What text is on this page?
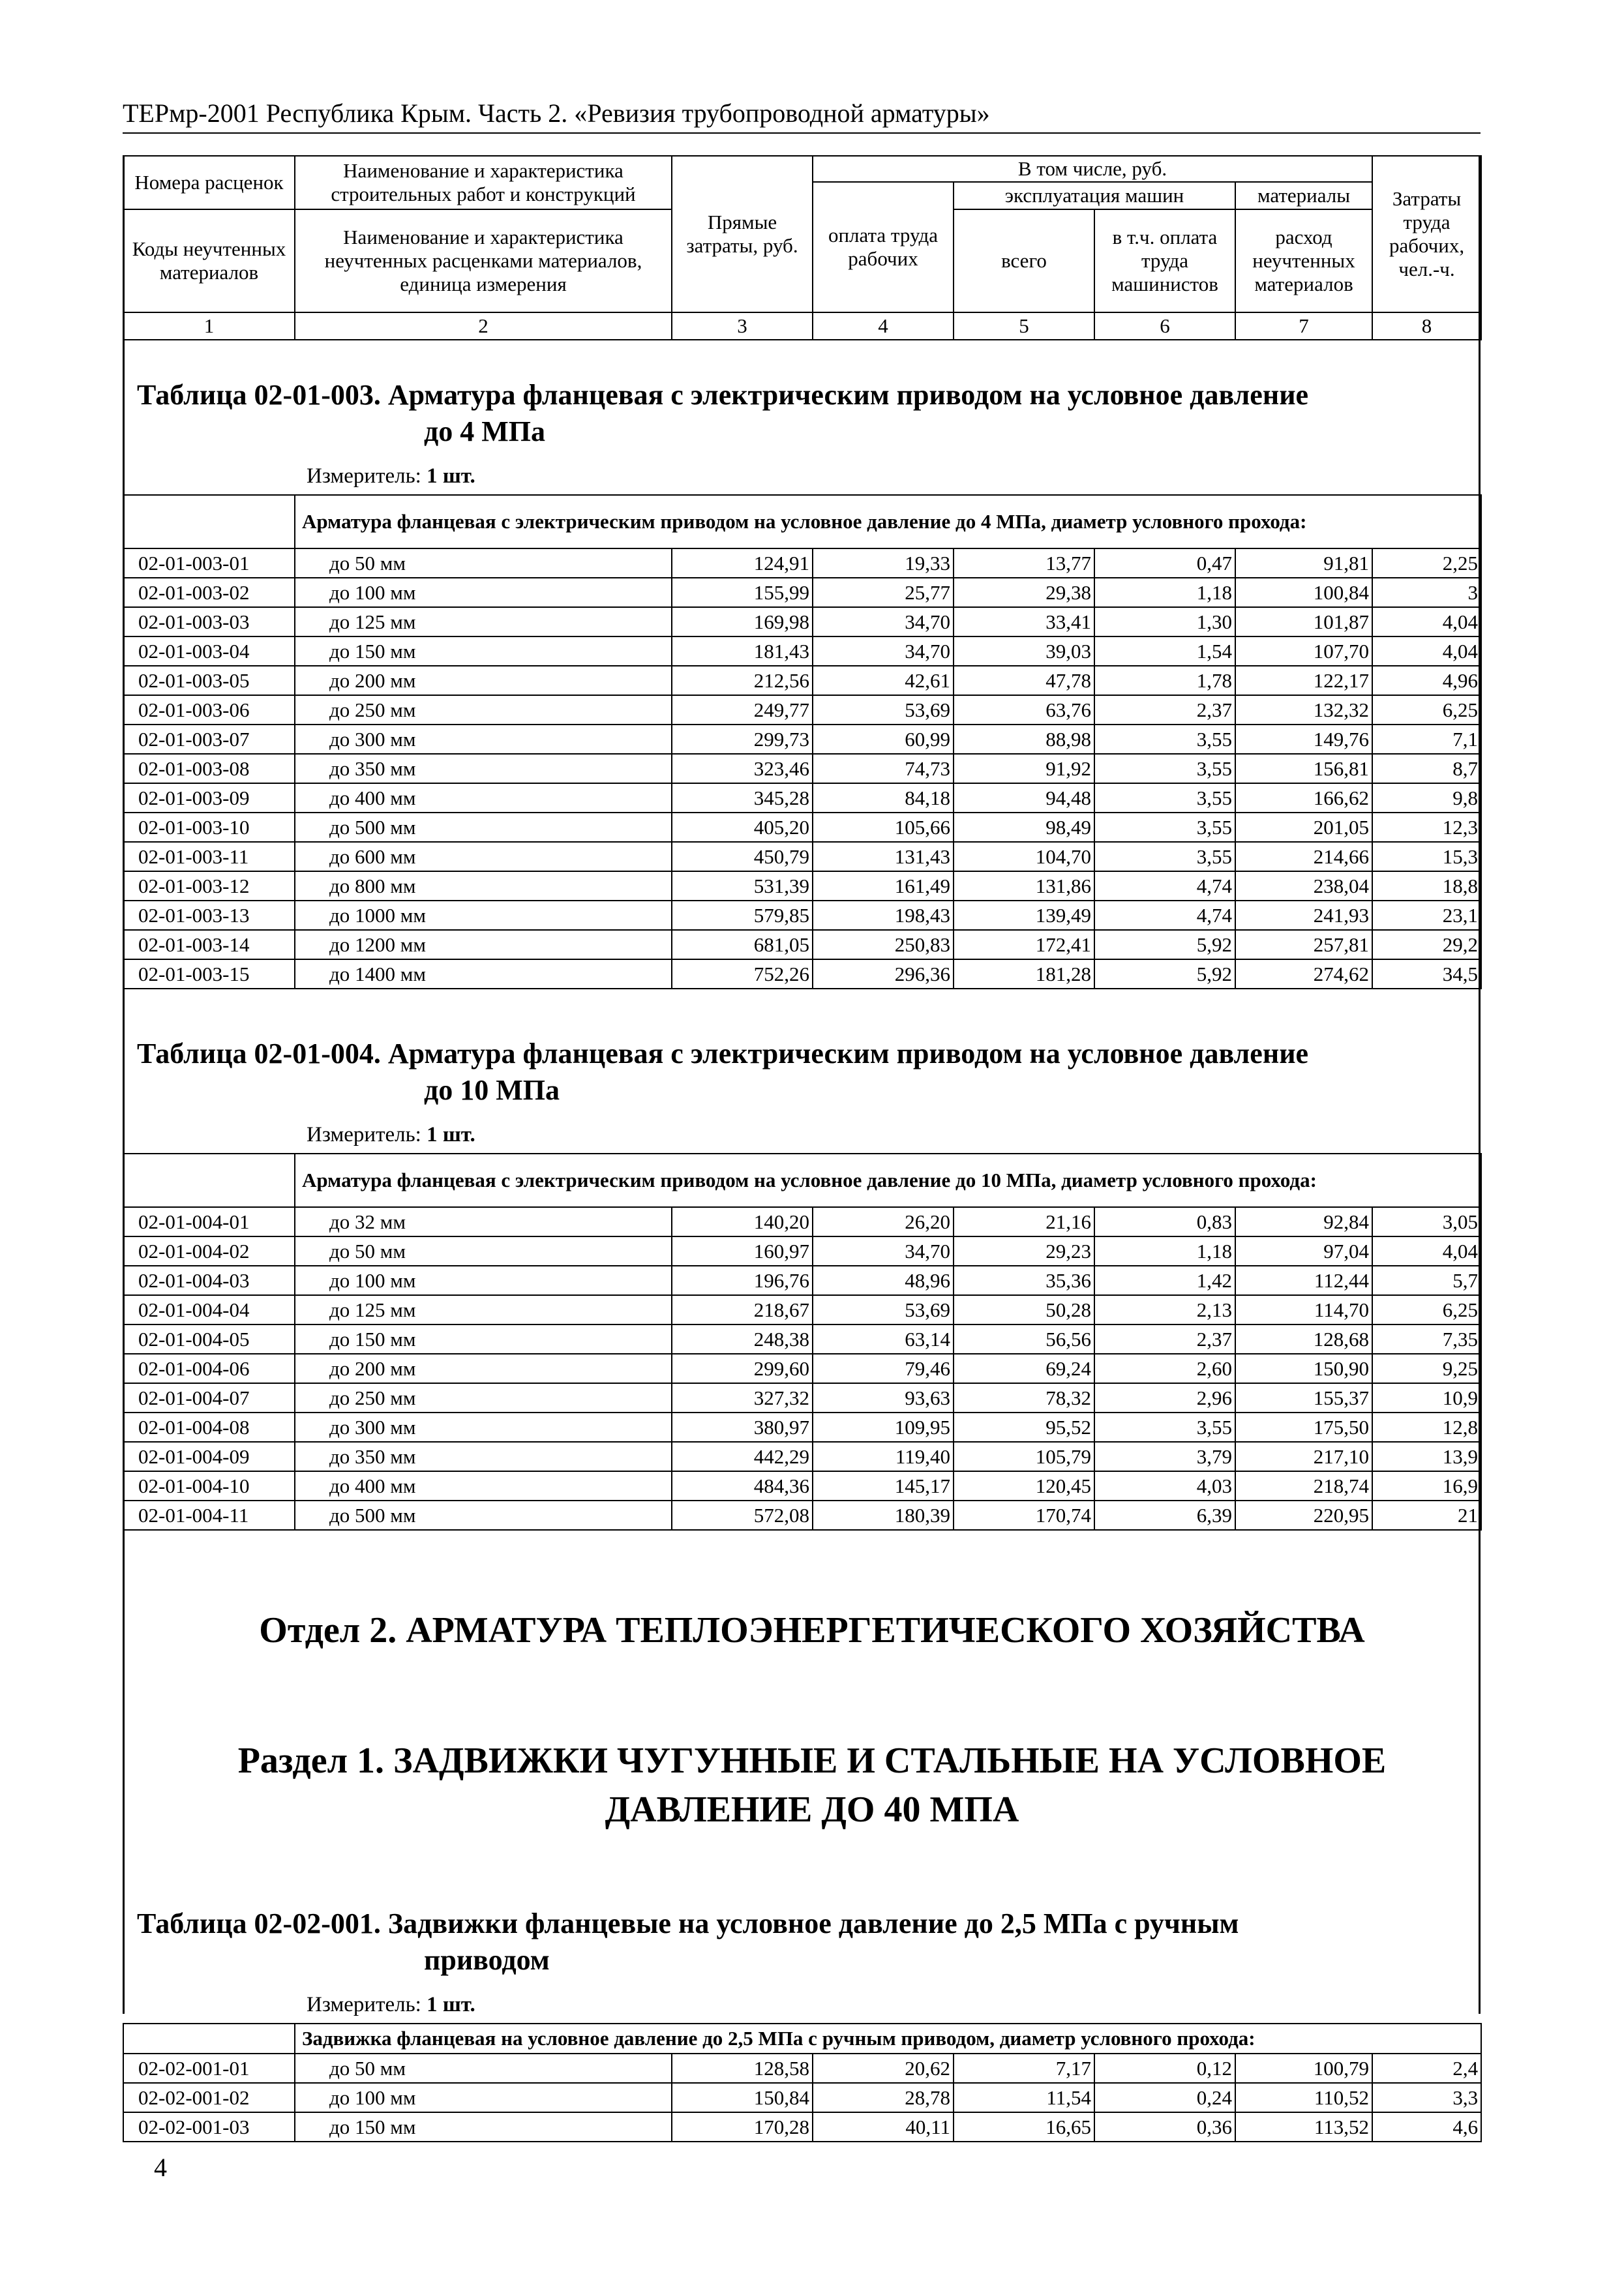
ТЕРмр-2001 Республика Крым. Часть 2. «Ревизия трубопроводной арматуры»
Номера расценок	Наименование и характеристика строительных работ и конструкций	Прямые затраты, руб.	В том числе, руб.				Затраты труда рабочих, чел.-ч.
			оплата труда рабочих	эксплуатация машин		материалы	
Коды неучтенных материалов	Наименование и характеристика неучтенных расценками материалов, единица измерения			всего	в т.ч. оплата труда машинистов	расход неучтенных материалов	
1	2	3	4	5	6	7	8
Таблица 02-01-003. Арматура фланцевая с электрическим приводом на условное давление
до 4 МПа
Измеритель: 1 шт.
	Арматура фланцевая с электрическим приводом на условное давление до 4 МПа, диаметр условного прохода:						
02-01-003-01	до 50 мм	124,91	19,33	13,77	0,47	91,81	2,25
02-01-003-02	до 100 мм	155,99	25,77	29,38	1,18	100,84	3
02-01-003-03	до 125 мм	169,98	34,70	33,41	1,30	101,87	4,04
02-01-003-04	до 150 мм	181,43	34,70	39,03	1,54	107,70	4,04
02-01-003-05	до 200 мм	212,56	42,61	47,78	1,78	122,17	4,96
02-01-003-06	до 250 мм	249,77	53,69	63,76	2,37	132,32	6,25
02-01-003-07	до 300 мм	299,73	60,99	88,98	3,55	149,76	7,1
02-01-003-08	до 350 мм	323,46	74,73	91,92	3,55	156,81	8,7
02-01-003-09	до 400 мм	345,28	84,18	94,48	3,55	166,62	9,8
02-01-003-10	до 500 мм	405,20	105,66	98,49	3,55	201,05	12,3
02-01-003-11	до 600 мм	450,79	131,43	104,70	3,55	214,66	15,3
02-01-003-12	до 800 мм	531,39	161,49	131,86	4,74	238,04	18,8
02-01-003-13	до 1000 мм	579,85	198,43	139,49	4,74	241,93	23,1
02-01-003-14	до 1200 мм	681,05	250,83	172,41	5,92	257,81	29,2
02-01-003-15	до 1400 мм	752,26	296,36	181,28	5,92	274,62	34,5
Таблица 02-01-004. Арматура фланцевая с электрическим приводом на условное давление
до 10 МПа
Измеритель: 1 шт.
	Арматура фланцевая с электрическим приводом на условное давление до 10 МПа, диаметр условного прохода:						
02-01-004-01	до 32 мм	140,20	26,20	21,16	0,83	92,84	3,05
02-01-004-02	до 50 мм	160,97	34,70	29,23	1,18	97,04	4,04
02-01-004-03	до 100 мм	196,76	48,96	35,36	1,42	112,44	5,7
02-01-004-04	до 125 мм	218,67	53,69	50,28	2,13	114,70	6,25
02-01-004-05	до 150 мм	248,38	63,14	56,56	2,37	128,68	7,35
02-01-004-06	до 200 мм	299,60	79,46	69,24	2,60	150,90	9,25
02-01-004-07	до 250 мм	327,32	93,63	78,32	2,96	155,37	10,9
02-01-004-08	до 300 мм	380,97	109,95	95,52	3,55	175,50	12,8
02-01-004-09	до 350 мм	442,29	119,40	105,79	3,79	217,10	13,9
02-01-004-10	до 400 мм	484,36	145,17	120,45	4,03	218,74	16,9
02-01-004-11	до 500 мм	572,08	180,39	170,74	6,39	220,95	21
Отдел 2. АРМАТУРА ТЕПЛОЭНЕРГЕТИЧЕСКОГО ХОЗЯЙСТВА
Раздел 1. ЗАДВИЖКИ ЧУГУННЫЕ И СТАЛЬНЫЕ НА УСЛОВНОЕ
ДАВЛЕНИЕ ДО 40 МПА
Таблица 02-02-001. Задвижки фланцевые на условное давление до 2,5 МПа с ручным
приводом
Измеритель: 1 шт.
	Задвижка фланцевая на условное давление до 2,5 МПа с ручным приводом, диаметр условного прохода:						
02-02-001-01	до 50 мм	128,58	20,62	7,17	0,12	100,79	2,4
02-02-001-02	до 100 мм	150,84	28,78	11,54	0,24	110,52	3,3
02-02-001-03	до 150 мм	170,28	40,11	16,65	0,36	113,52	4,6
4
